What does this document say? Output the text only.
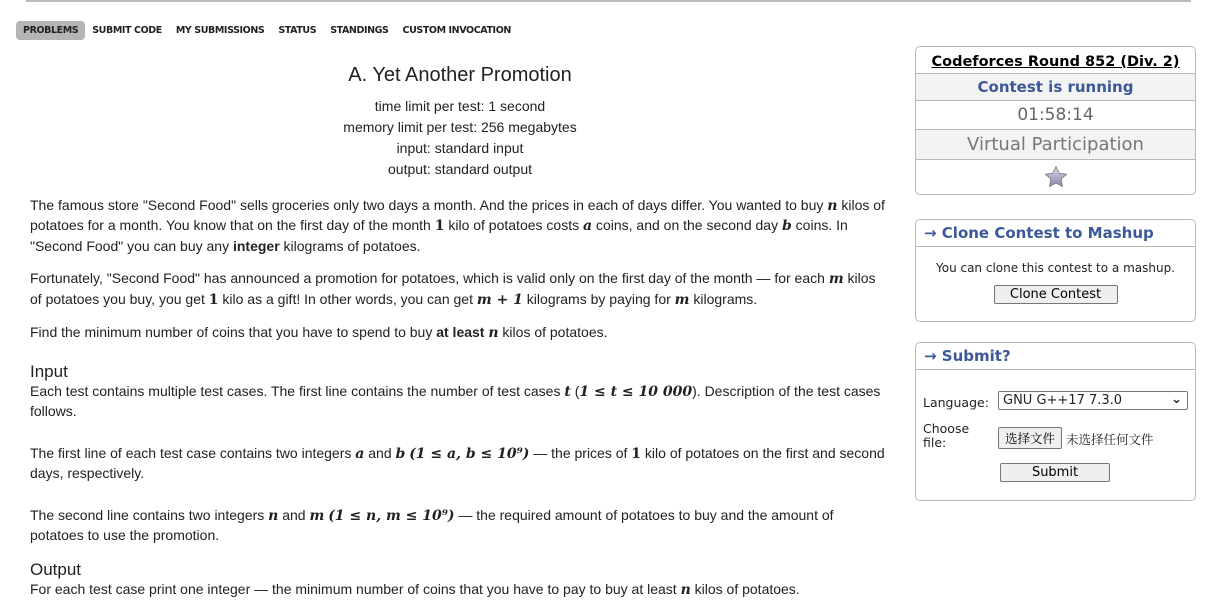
PROBLEMS	SUBMIT CODE	MY SUBMISSIONS	STATUS	STANDINGS	CUSTOM INVOCATION
A. Yet Another Promotion
time limit per test: 1 second
memory limit per test: 256 megabytes
input: standard input
output: standard output
The famous store "Second Food" sells groceries only two days a month. And the prices in each of days differ. You wanted to buy n kilos of potatoes for a month. You know that on the first day of the month 1 kilo of potatoes costs a coins, and on the second day b coins. In "Second Food" you can buy any integer kilograms of potatoes.
Fortunately, "Second Food" has announced a promotion for potatoes, which is valid only on the first day of the month — for each m kilos of potatoes you buy, you get 1 kilo as a gift! In other words, you can get m + 1 kilograms by paying for m kilograms.
Find the minimum number of coins that you have to spend to buy at least n kilos of potatoes.
Input
Each test contains multiple test cases. The first line contains the number of test cases t (1 ≤ t ≤ 10 000). Description of the test cases follows.
The first line of each test case contains two integers a and b (1 ≤ a, b ≤ 10⁹) — the prices of 1 kilo of potatoes on the first and second days, respectively.
The second line contains two integers n and m (1 ≤ n, m ≤ 10⁹) — the required amount of potatoes to buy and the amount of potatoes to use the promotion.
Output
For each test case print one integer — the minimum number of coins that you have to pay to buy at least n kilos of potatoes.
Codeforces Round 852 (Div. 2)
Contest is running
01:58:14
Virtual Participation
→ Clone Contest to Mashup
You can clone this contest to a mashup.
Clone Contest
→ Submit?
Language:	GNU G++17 7.3.0	⌄
Choose file:	选择文件 未选择任何文件
Submit
